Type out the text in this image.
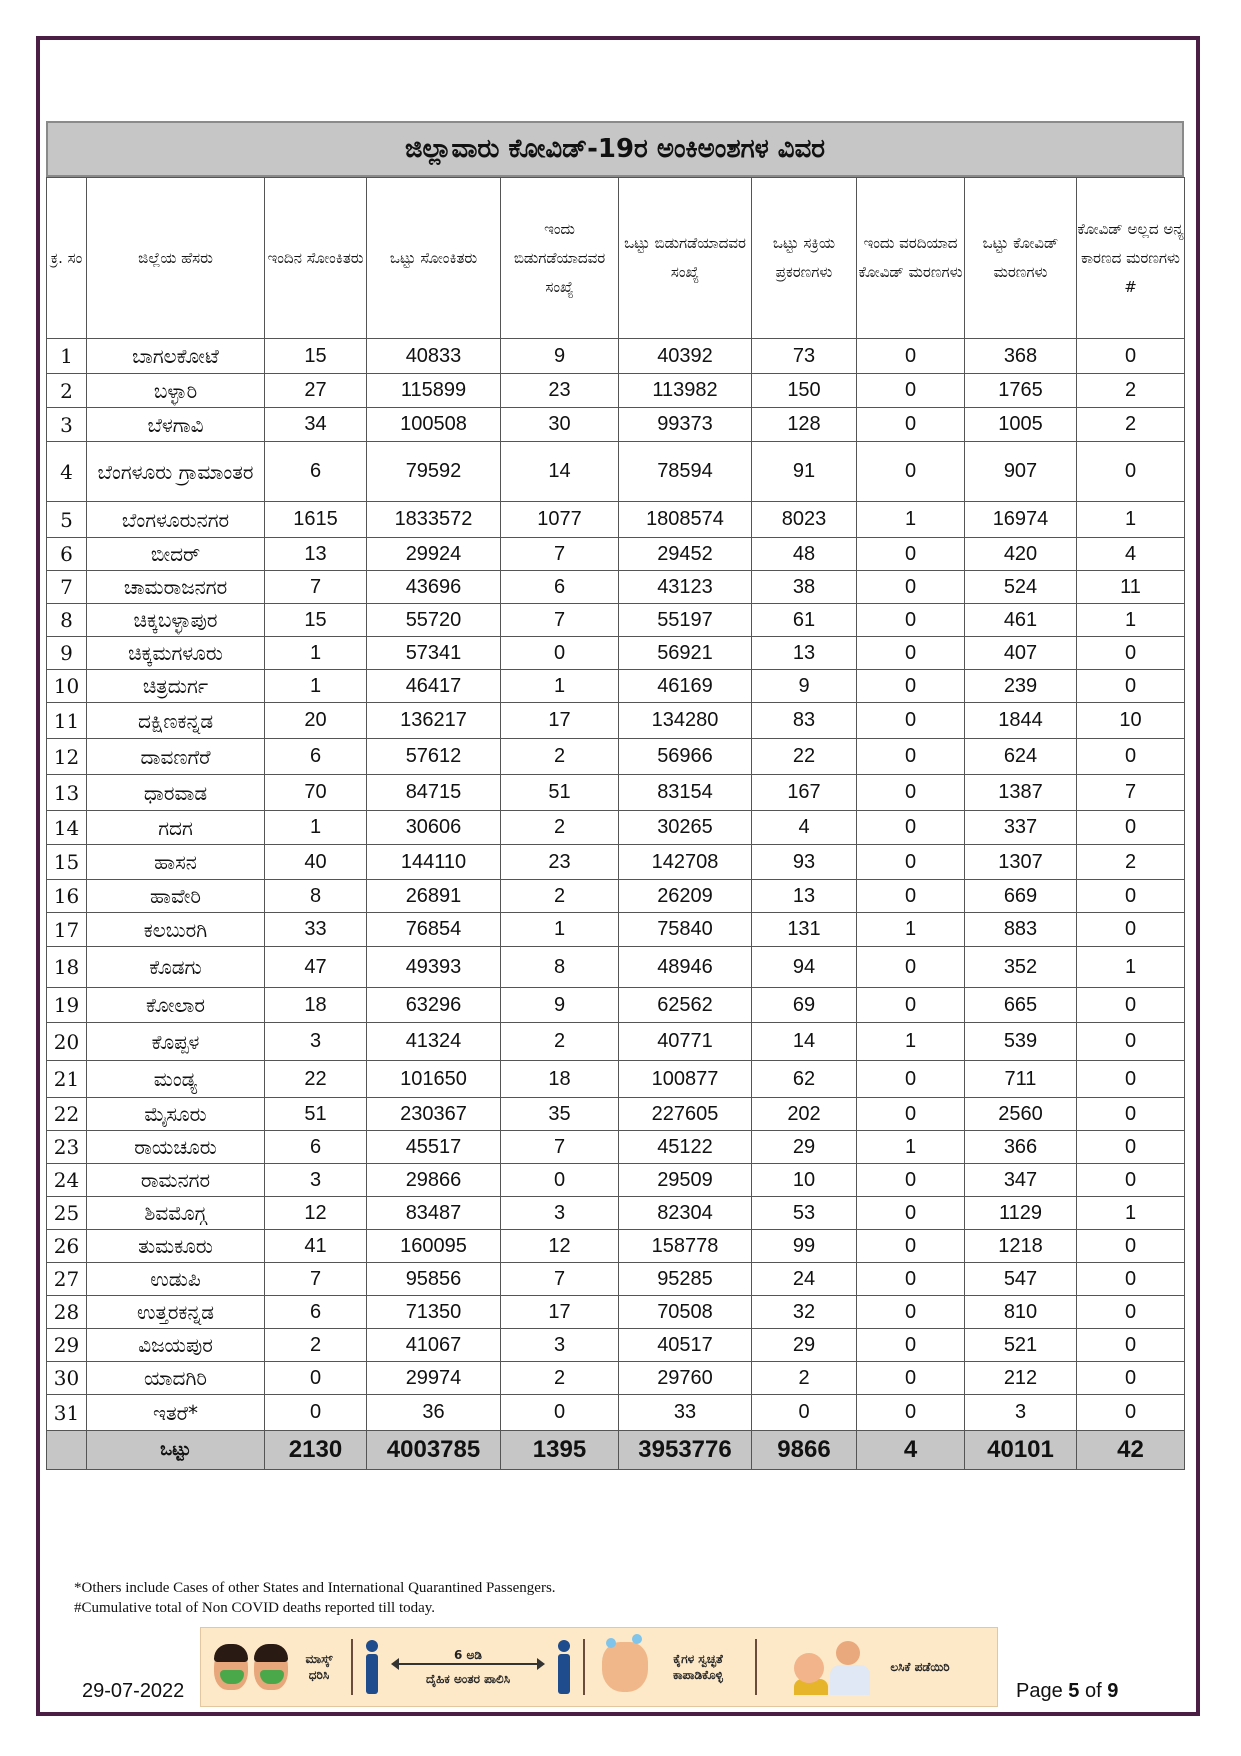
ಜಿಲ್ಲಾವಾರು ಕೋವಿಡ್-19ರ ಅಂಕಿಅಂಶಗಳ ವಿವರ
ಕ್ರ. ಸಂ	ಜಿಲ್ಲೆಯ ಹೆಸರು	ಇಂದಿನ ಸೋಂಕಿತರು	ಒಟ್ಟು ಸೋಂಕಿತರು	ಇಂದು ಬಿಡುಗಡೆಯಾದವರ ಸಂಖ್ಯೆ	ಒಟ್ಟು ಬಿಡುಗಡೆಯಾದವರ ಸಂಖ್ಯೆ	ಒಟ್ಟು ಸಕ್ರಿಯ ಪ್ರಕರಣಗಳು	ಇಂದು ವರದಿಯಾದ ಕೋವಿಡ್ ಮರಣಗಳು	ಒಟ್ಟು ಕೋವಿಡ್ ಮರಣಗಳು	ಕೋವಿಡ್ ಅಲ್ಲದ ಅನ್ಯ ಕಾರಣದ ಮರಣಗಳು #
1	ಬಾಗಲಕೋಟೆ	15	40833	9	40392	73	0	368	0
2	ಬಳ್ಳಾರಿ	27	115899	23	113982	150	0	1765	2
3	ಬೆಳಗಾವಿ	34	100508	30	99373	128	0	1005	2
4	ಬೆಂಗಳೂರು ಗ್ರಾಮಾಂತರ	6	79592	14	78594	91	0	907	0
5	ಬೆಂಗಳೂರುನಗರ	1615	1833572	1077	1808574	8023	1	16974	1
6	ಬೀದರ್	13	29924	7	29452	48	0	420	4
7	ಚಾಮರಾಜನಗರ	7	43696	6	43123	38	0	524	11
8	ಚಿಕ್ಕಬಳ್ಳಾಪುರ	15	55720	7	55197	61	0	461	1
9	ಚಿಕ್ಕಮಗಳೂರು	1	57341	0	56921	13	0	407	0
10	ಚಿತ್ರದುರ್ಗ	1	46417	1	46169	9	0	239	0
11	ದಕ್ಷಿಣಕನ್ನಡ	20	136217	17	134280	83	0	1844	10
12	ದಾವಣಗೆರೆ	6	57612	2	56966	22	0	624	0
13	ಧಾರವಾಡ	70	84715	51	83154	167	0	1387	7
14	ಗದಗ	1	30606	2	30265	4	0	337	0
15	ಹಾಸನ	40	144110	23	142708	93	0	1307	2
16	ಹಾವೇರಿ	8	26891	2	26209	13	0	669	0
17	ಕಲಬುರಗಿ	33	76854	1	75840	131	1	883	0
18	ಕೊಡಗು	47	49393	8	48946	94	0	352	1
19	ಕೋಲಾರ	18	63296	9	62562	69	0	665	0
20	ಕೊಪ್ಪಳ	3	41324	2	40771	14	1	539	0
21	ಮಂಡ್ಯ	22	101650	18	100877	62	0	711	0
22	ಮೈಸೂರು	51	230367	35	227605	202	0	2560	0
23	ರಾಯಚೂರು	6	45517	7	45122	29	1	366	0
24	ರಾಮನಗರ	3	29866	0	29509	10	0	347	0
25	ಶಿವಮೊಗ್ಗ	12	83487	3	82304	53	0	1129	1
26	ತುಮಕೂರು	41	160095	12	158778	99	0	1218	0
27	ಉಡುಪಿ	7	95856	7	95285	24	0	547	0
28	ಉತ್ತರಕನ್ನಡ	6	71350	17	70508	32	0	810	0
29	ವಿಜಯಪುರ	2	41067	3	40517	29	0	521	0
30	ಯಾದಗಿರಿ	0	29974	2	29760	2	0	212	0
31	ಇತರೆ*	0	36	0	33	0	0	3	0
	ಒಟ್ಟು	2130	4003785	1395	3953776	9866	4	40101	42
*Others include Cases of other States and International Quarantined Passengers.
#Cumulative total of Non COVID deaths reported till today.
ಮಾಸ್ಕ್ ಧರಿಸಿ
6 ಅಡಿ
ದೈಹಿಕ ಅಂತರ ಪಾಲಿಸಿ
ಕೈಗಳ ಸ್ವಚ್ಛತೆ ಕಾಪಾಡಿಕೊಳ್ಳಿ
ಲಸಿಕೆ ಪಡೆಯಿರಿ
29-07-2022	Page 5 of 9
